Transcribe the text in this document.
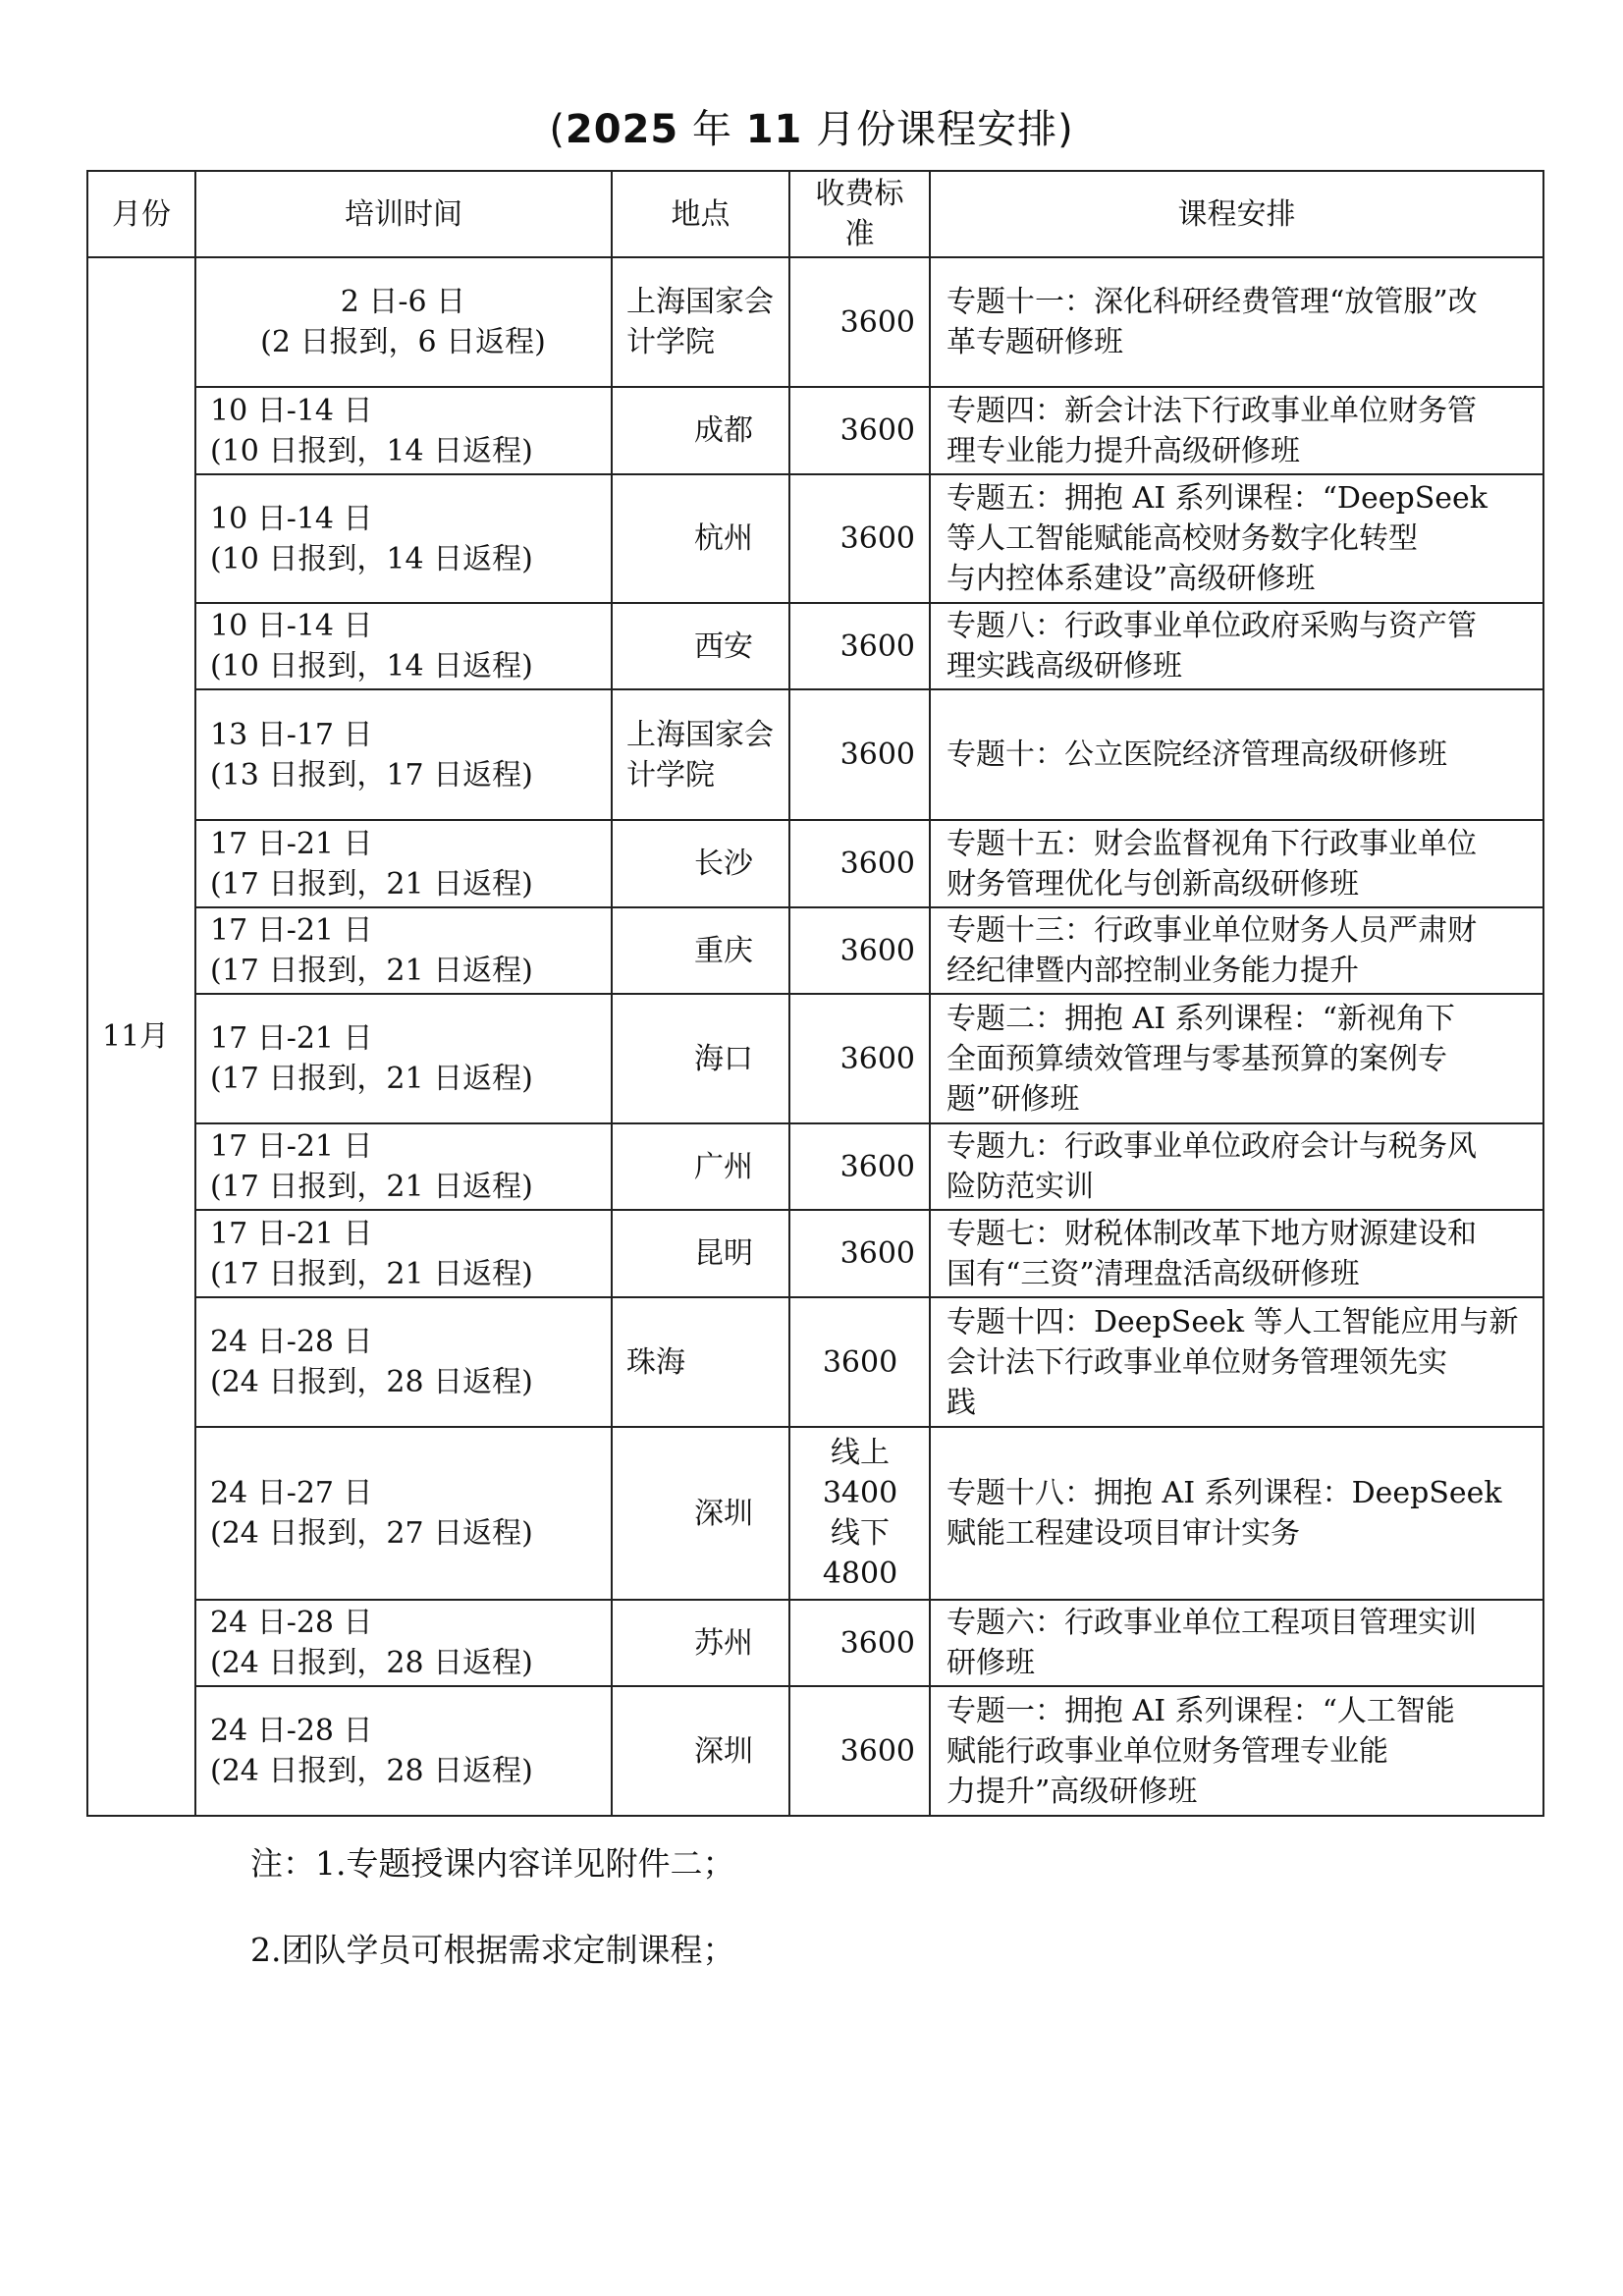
(2025 年 11 月份课程安排)
月份	培训时间	地点	收费标准	课程安排
11月	2 日-6 日
(2 日报到，6 日返程)	上海国家会计学院	3600	专题十一：深化科研经费管理“放管服”改
革专题研修班

	10 日-14 日
(10 日报到，14 日返程)	成都	3600	专题四：新会计法下行政事业单位财务管
理专业能力提升高级研修班

	10 日-14 日
(10 日报到，14 日返程)	杭州	3600	专题五：拥抱 AI 系列课程：“DeepSeek
等人工智能赋能高校财务数字化转型
与内控体系建设”高级研修班

	10 日-14 日
(10 日报到，14 日返程)	西安	3600	专题八：行政事业单位政府采购与资产管
理实践高级研修班

	13 日-17 日
(13 日报到，17 日返程)	上海国家会计学院	3600	专题十：公立医院经济管理高级研修班

	17 日-21 日
(17 日报到，21 日返程)	长沙	3600	专题十五：财会监督视角下行政事业单位
财务管理优化与创新高级研修班

	17 日-21 日
(17 日报到，21 日返程)	重庆	3600	专题十三：行政事业单位财务人员严肃财
经纪律暨内部控制业务能力提升

	17 日-21 日
(17 日报到，21 日返程)	海口	3600	专题二：拥抱 AI 系列课程：“新视角下
全面预算绩效管理与零基预算的案例专
题”研修班

	17 日-21 日
(17 日报到，21 日返程)	广州	3600	专题九：行政事业单位政府会计与税务风
险防范实训

	17 日-21 日
(17 日报到，21 日返程)	昆明	3600	专题七：财税体制改革下地方财源建设和
国有“三资”清理盘活高级研修班

	24 日-28 日
(24 日报到，28 日返程)	珠海	3600	专题十四：DeepSeek 等人工智能应用与新
会计法下行政事业单位财务管理领先实
践

	24 日-27 日
(24 日报到，27 日返程)	深圳	线上
3400
线下
4800	专题十八：拥抱 AI 系列课程：DeepSeek
赋能工程建设项目审计实务

	24 日-28 日
(24 日报到，28 日返程)	苏州	3600	专题六：行政事业单位工程项目管理实训
研修班

	24 日-28 日
(24 日报到，28 日返程)	深圳	3600	专题一：拥抱 AI 系列课程：“人工智能
赋能行政事业单位财务管理专业能
力提升”高级研修班
注：1.专题授课内容详见附件二；
2.团队学员可根据需求定制课程；
